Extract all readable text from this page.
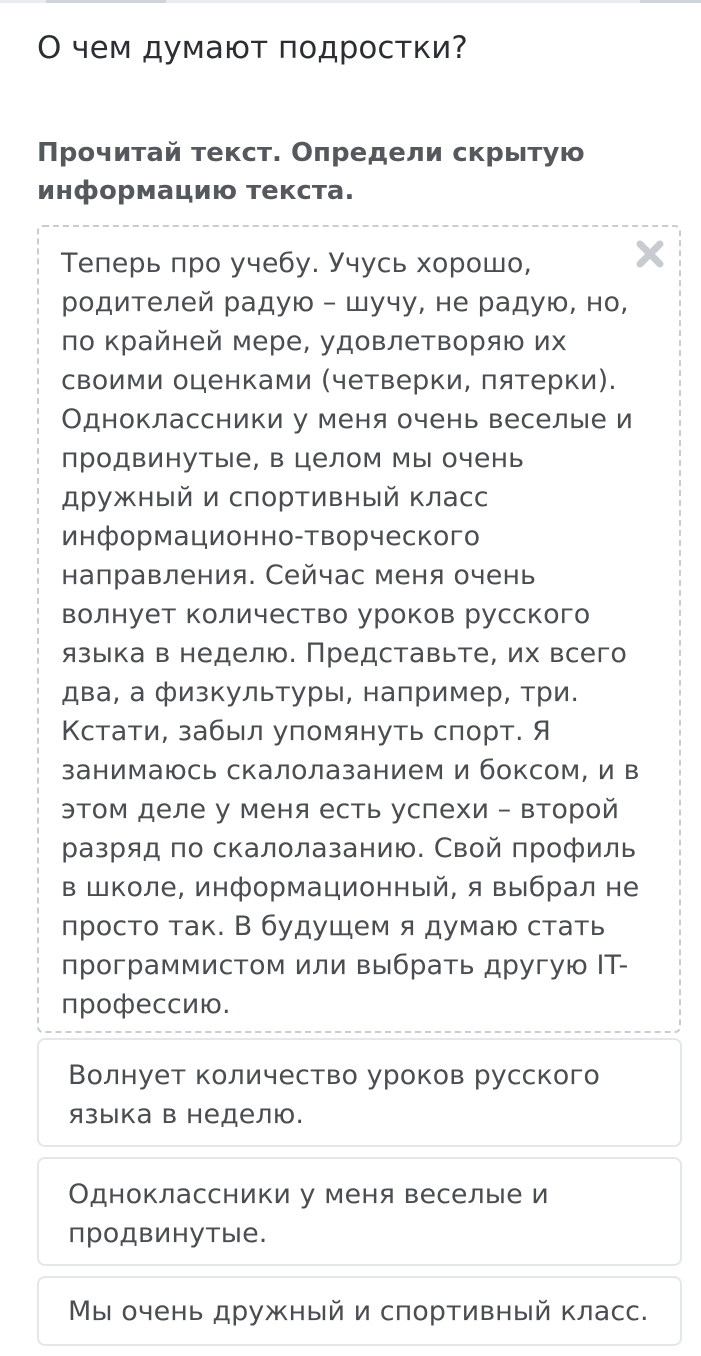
О чем думают подростки?
Прочитай текст. Определи скрытую
информацию текста.
Теперь про учебу. Учусь хорошо,
родителей радую – шучу, не радую, но,
по крайней мере, удовлетворяю их
своими оценками (четверки, пятерки).
Одноклассники у меня очень веселые и
продвинутые, в целом мы очень
дружный и спортивный класс
информационно-творческого
направления. Сейчас меня очень
волнует количество уроков русского
языка в неделю. Представьте, их всего
два, а физкультуры, например, три.
Кстати, забыл упомянуть спорт. Я
занимаюсь скалолазанием и боксом, и в
этом деле у меня есть успехи – второй
разряд по скалолазанию. Свой профиль
в школе, информационный, я выбрал не
просто так. В будущем я думаю стать
программистом или выбрать другую IT-
профессию.
Волнует количество уроков русского
языка в неделю.
Одноклассники у меня веселые и
продвинутые.
Мы очень дружный и спортивный класс.
